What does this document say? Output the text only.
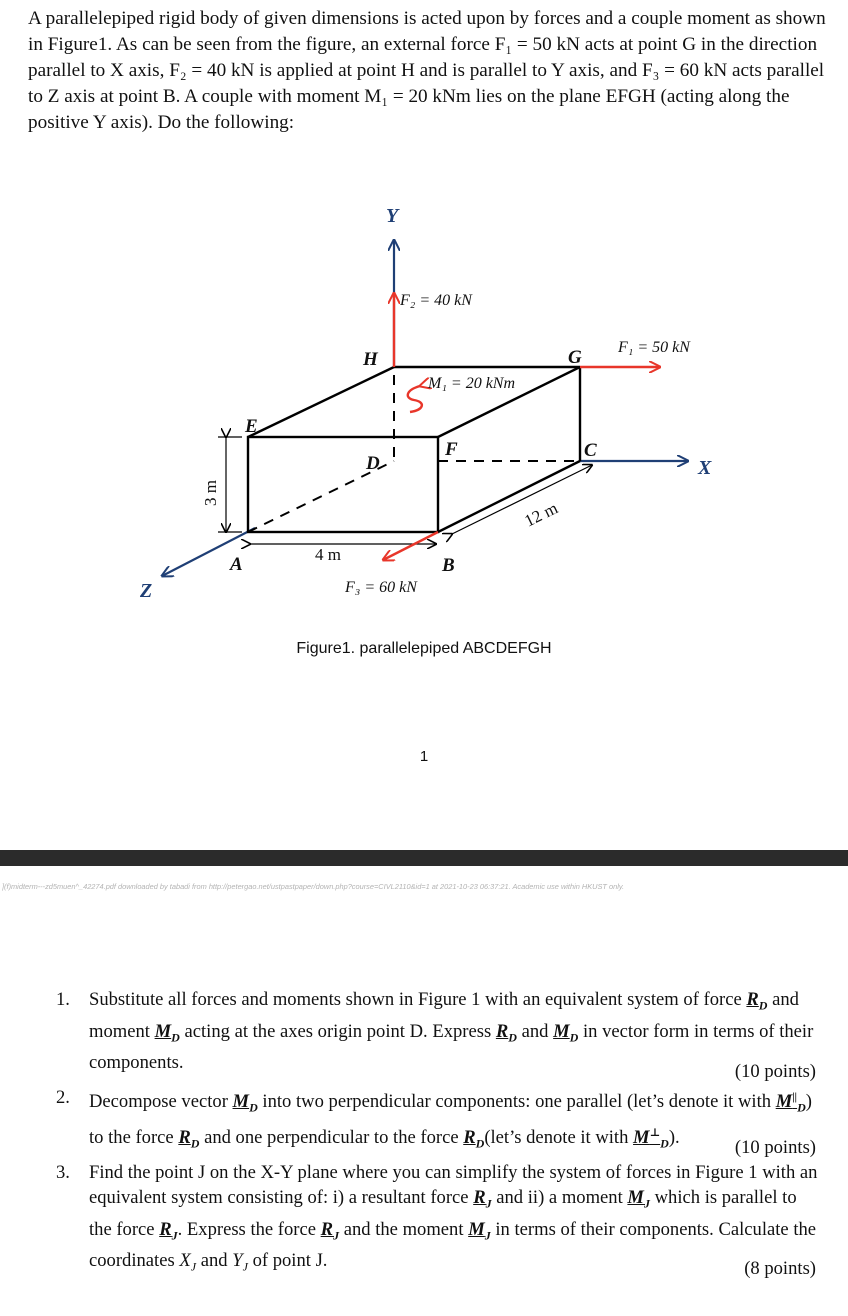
A parallelepiped rigid body of given dimensions is acted upon by forces and a couple moment as shown in Figure1. As can be seen from the figure, an external force F₁ = 50 kN acts at point G in the direction parallel to X axis, F₂ = 40 kN is applied at point H and is parallel to Y axis, and F₃ = 60 kN acts parallel to Z axis at point B. A couple with moment M₁ = 20 kNm lies on the plane EFGH (acting along the positive Y axis). Do the following:
H	G
E
F
D
C
A	B
Y
X
Z
F₂ = 40 kN
F₁ = 50 kN
M₁ = 20 kNm
F₃ = 60 kN
3 m
4 m
12 m
Figure1. parallelepiped ABCDEFGH
1
](f)midterm---zd5muen^_42274.pdf downloaded by tabadi from http://petergao.net/ustpastpaper/down.php?course=CIVL2110&id=1 at 2021-10-23 06:37:21. Academic use within HKUST only.
1. Substitute all forces and moments shown in Figure 1 with an equivalent system of force $R_D$ and moment $M_D$ acting at the axes origin point D. Express $R_D$ and $M_D$ in vector form in terms of their components.	(10 points)
2. Decompose vector $M_D$ into two perpendicular components: one parallel (let’s denote it with $M^{||}_D$) to the force $R_D$ and one perpendicular to the force $R_D(let’s$ denote it with $M^\perp_D$).	(10 points)
3. Find the point J on the X-Y plane where you can simplify the system of forces in Figure 1 with an equivalent system consisting of: i) a resultant force $R_J$ and ii) a moment $M_J$ which is parallel to the force $R_J$. Express the force $R_J$ and the moment $M_J$ in terms of their components. Calculate the coordinates $X_J$ and $Y_J$ of point J.	(8 points)
